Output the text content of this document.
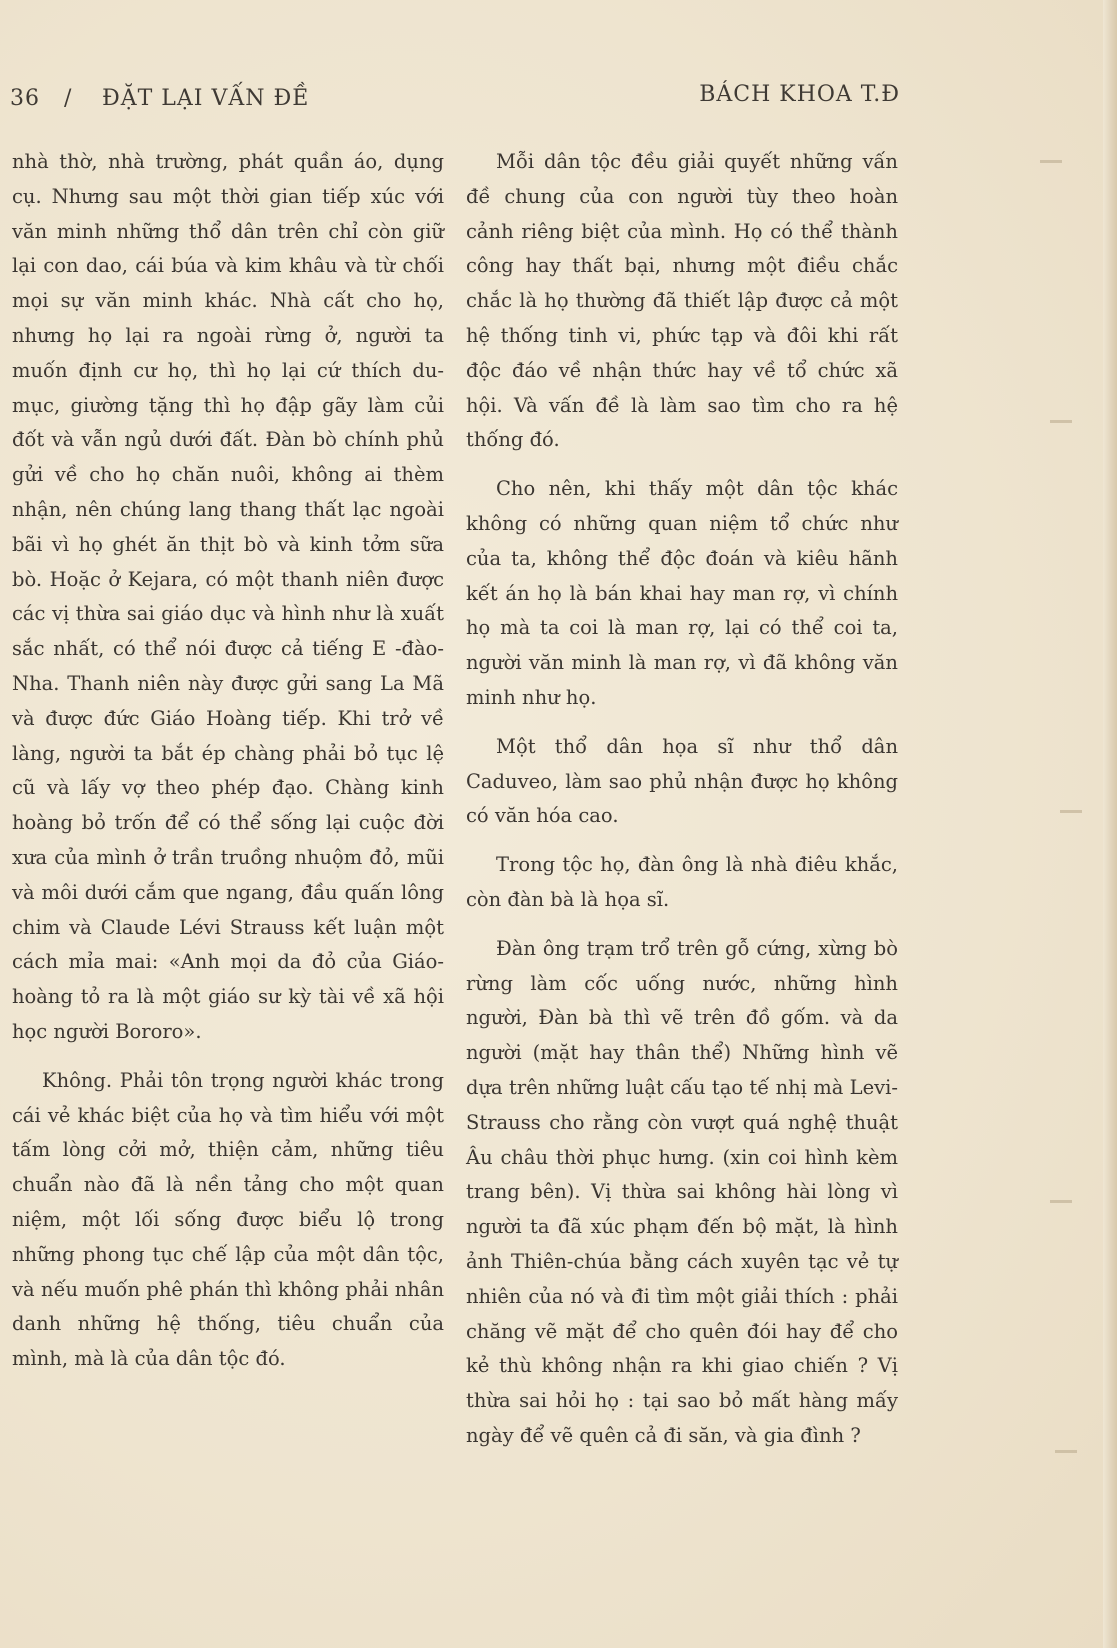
36 / ĐẶT LẠI VẤN ĐỀ	BÁCH KHOA T.Đ

nhà thờ, nhà trường, phát quần áo, dụng cụ. Nhưng sau một thời gian tiếp xúc với văn minh những thổ dân trên chỉ còn giữ lại con dao, cái búa và kim khâu và từ chối mọi sự văn minh khác. Nhà cất cho họ, nhưng họ lại ra ngoài rừng ở, người ta muốn định cư họ, thì họ lại cứ thích du-mục, giường tặng thì họ đập gãy làm củi đốt và vẫn ngủ dưới đất. Đàn bò chính phủ gửi về cho họ chăn nuôi, không ai thèm nhận, nên chúng lang thang thất lạc ngoài bãi vì họ ghét ăn thịt bò và kinh tởm sữa bò. Hoặc ở Kejara, có một thanh niên được các vị thừa sai giáo dục và hình như là xuất sắc nhất, có thể nói được cả tiếng E -đào-Nha. Thanh niên này được gửi sang La Mã và được đức Giáo Hoàng tiếp. Khi trở về làng, người ta bắt ép chàng phải bỏ tục lệ cũ và lấy vợ theo phép đạo. Chàng kinh hoàng bỏ trốn để có thể sống lại cuộc đời xưa của mình ở trần truồng nhuộm đỏ, mũi và môi dưới cắm que ngang, đầu quấn lông chim và Claude Lévi Strauss kết luận một cách mỉa mai: «Anh mọi da đỏ của Giáo-hoàng tỏ ra là một giáo sư kỳ tài về xã hội học người Bororo».

Không. Phải tôn trọng người khác trong cái vẻ khác biệt của họ và tìm hiểu với một tấm lòng cởi mở, thiện cảm, những tiêu chuẩn nào đã là nền tảng cho một quan niệm, một lối sống được biểu lộ trong những phong tục chế lập của một dân tộc, và nếu muốn phê phán thì không phải nhân danh những hệ thống, tiêu chuẩn của mình, mà là của dân tộc đó.

Mỗi dân tộc đều giải quyết những vấn đề chung của con người tùy theo hoàn cảnh riêng biệt của mình. Họ có thể thành công hay thất bại, nhưng một điều chắc chắc là họ thường đã thiết lập được cả một hệ thống tinh vi, phức tạp và đôi khi rất độc đáo về nhận thức hay về tổ chức xã hội. Và vấn đề là làm sao tìm cho ra hệ thống đó.

Cho nên, khi thấy một dân tộc khác không có những quan niệm tổ chức như của ta, không thể độc đoán và kiêu hãnh kết án họ là bán khai hay man rợ, vì chính họ mà ta coi là man rợ, lại có thể coi ta, người văn minh là man rợ, vì đã không văn minh như họ.

Một thổ dân họa sĩ như thổ dân Caduveo, làm sao phủ nhận được họ không có văn hóa cao.

Trong tộc họ, đàn ông là nhà điêu khắc, còn đàn bà là họa sĩ.

Đàn ông trạm trổ trên gỗ cứng, xừng bò rừng làm cốc uống nước, những hình người, Đàn bà thì vẽ trên đồ gốm. và da người (mặt hay thân thể) Những hình vẽ dựa trên những luật cấu tạo tế nhị mà Levi-Strauss cho rằng còn vượt quá nghệ thuật Âu châu thời phục hưng. (xin coi hình kèm trang bên). Vị thừa sai không hài lòng vì người ta đã xúc phạm đến bộ mặt, là hình ảnh Thiên-chúa bằng cách xuyên tạc vẻ tự nhiên của nó và đi tìm một giải thích : phải chăng vẽ mặt để cho quên đói hay để cho kẻ thù không nhận ra khi giao chiến ? Vị thừa sai hỏi họ : tại sao bỏ mất hàng mấy ngày để vẽ quên cả đi săn, và gia đình ?
